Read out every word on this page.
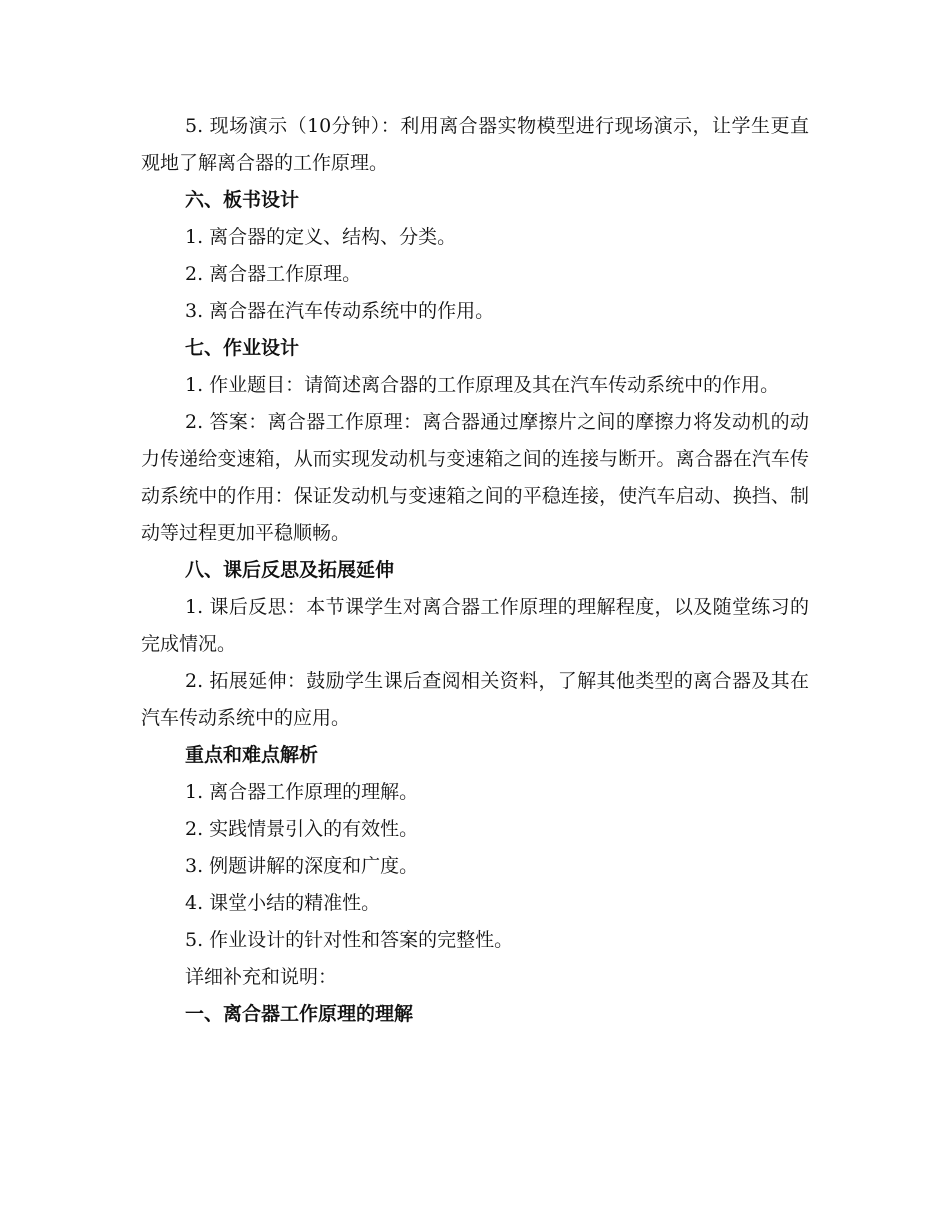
5. 现场演示（10分钟）：利用离合器实物模型进行现场演示，让学生更直观地了解离合器的工作原理。

六、板书设计

1. 离合器的定义、结构、分类。

2. 离合器工作原理。

3. 离合器在汽车传动系统中的作用。

七、作业设计

1. 作业题目：请简述离合器的工作原理及其在汽车传动系统中的作用。

2. 答案：离合器工作原理：离合器通过摩擦片之间的摩擦力将发动机的动力传递给变速箱，从而实现发动机与变速箱之间的连接与断开。离合器在汽车传动系统中的作用：保证发动机与变速箱之间的平稳连接，使汽车启动、换挡、制动等过程更加平稳顺畅。

八、课后反思及拓展延伸

1. 课后反思：本节课学生对离合器工作原理的理解程度，以及随堂练习的完成情况。

2. 拓展延伸：鼓励学生课后查阅相关资料，了解其他类型的离合器及其在汽车传动系统中的应用。

重点和难点解析

1. 离合器工作原理的理解。

2. 实践情景引入的有效性。

3. 例题讲解的深度和广度。

4. 课堂小结的精准性。

5. 作业设计的针对性和答案的完整性。

详细补充和说明：

一、离合器工作原理的理解
